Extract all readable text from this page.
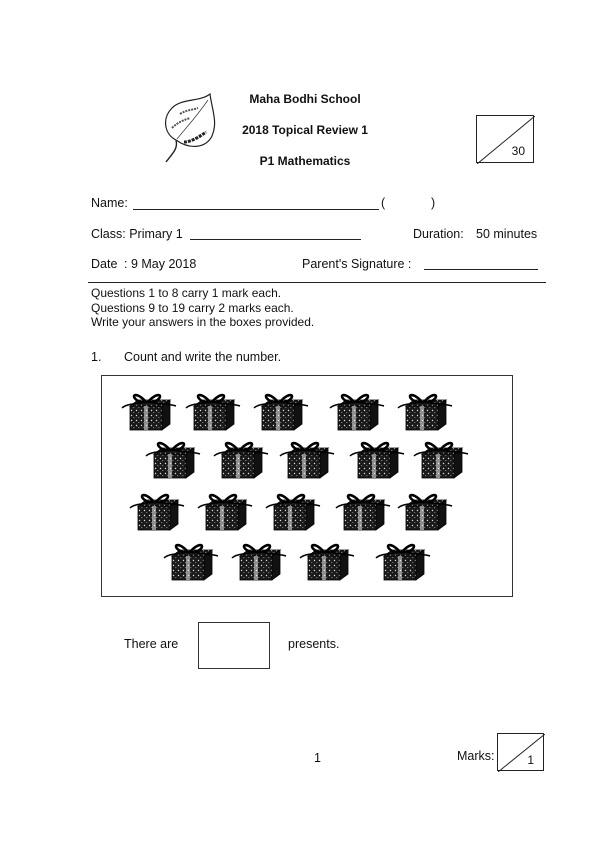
Maha Bodhi School
2018 Topical Review 1
P1 Mathematics
30
Name:	(	)
Class: Primary 1	Duration: 50 minutes
Date : 9 May 2018	Parent's Signature :
Questions 1 to 8 carry 1 mark each.
Questions 9 to 19 carry 2 marks each.
Write your answers in the boxes provided.
1. Count and write the number.
There are	presents.
1	Marks:	1
